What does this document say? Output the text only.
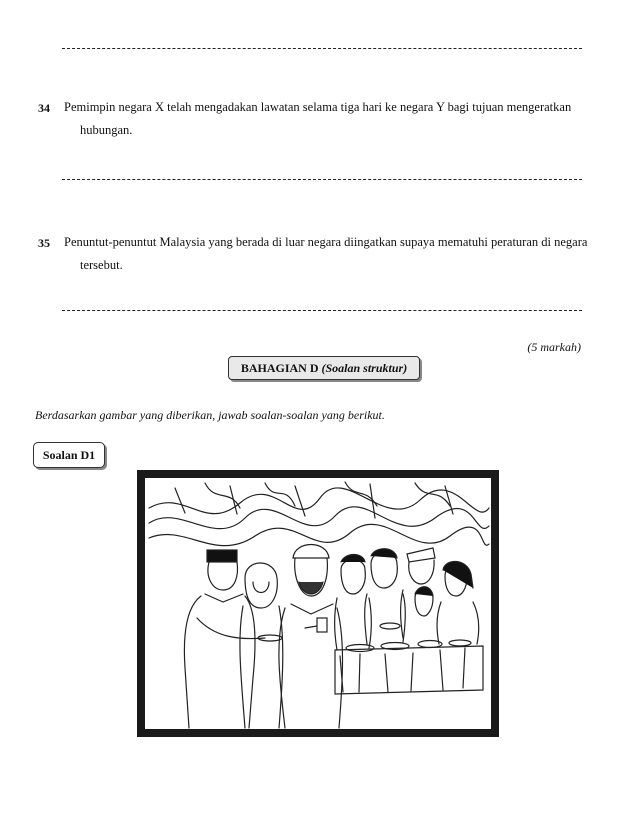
34 Pemimpin negara X telah mengadakan lawatan selama tiga hari ke negara Y bagi tujuan mengeratkan
hubungan.
35 Penuntut-penuntut Malaysia yang berada di luar negara diingatkan supaya mematuhi peraturan di negara
tersebut.
(5 markah)
BAHAGIAN D (Soalan struktur)
Berdasarkan gambar yang diberikan, jawab soalan-soalan yang berikut.
Soalan D1
